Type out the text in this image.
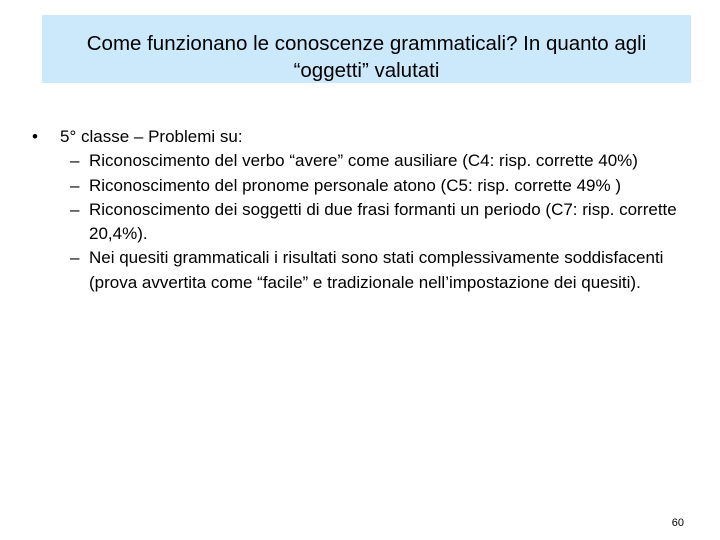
Come funzionano le conoscenze grammaticali? In quanto agli
“oggetti” valutati
•	5° classe – Problemi su:
– Riconoscimento del verbo “avere” come ausiliare (C4: risp. corrette 40%)
– Riconoscimento del pronome personale atono (C5: risp. corrette 49% )
– Riconoscimento dei soggetti di due frasi formanti un periodo (C7: risp. corrette 20,4%).
– Nei quesiti grammaticali i risultati sono stati complessivamente soddisfacenti (prova avvertita come “facile” e tradizionale nell’impostazione dei quesiti).
60
